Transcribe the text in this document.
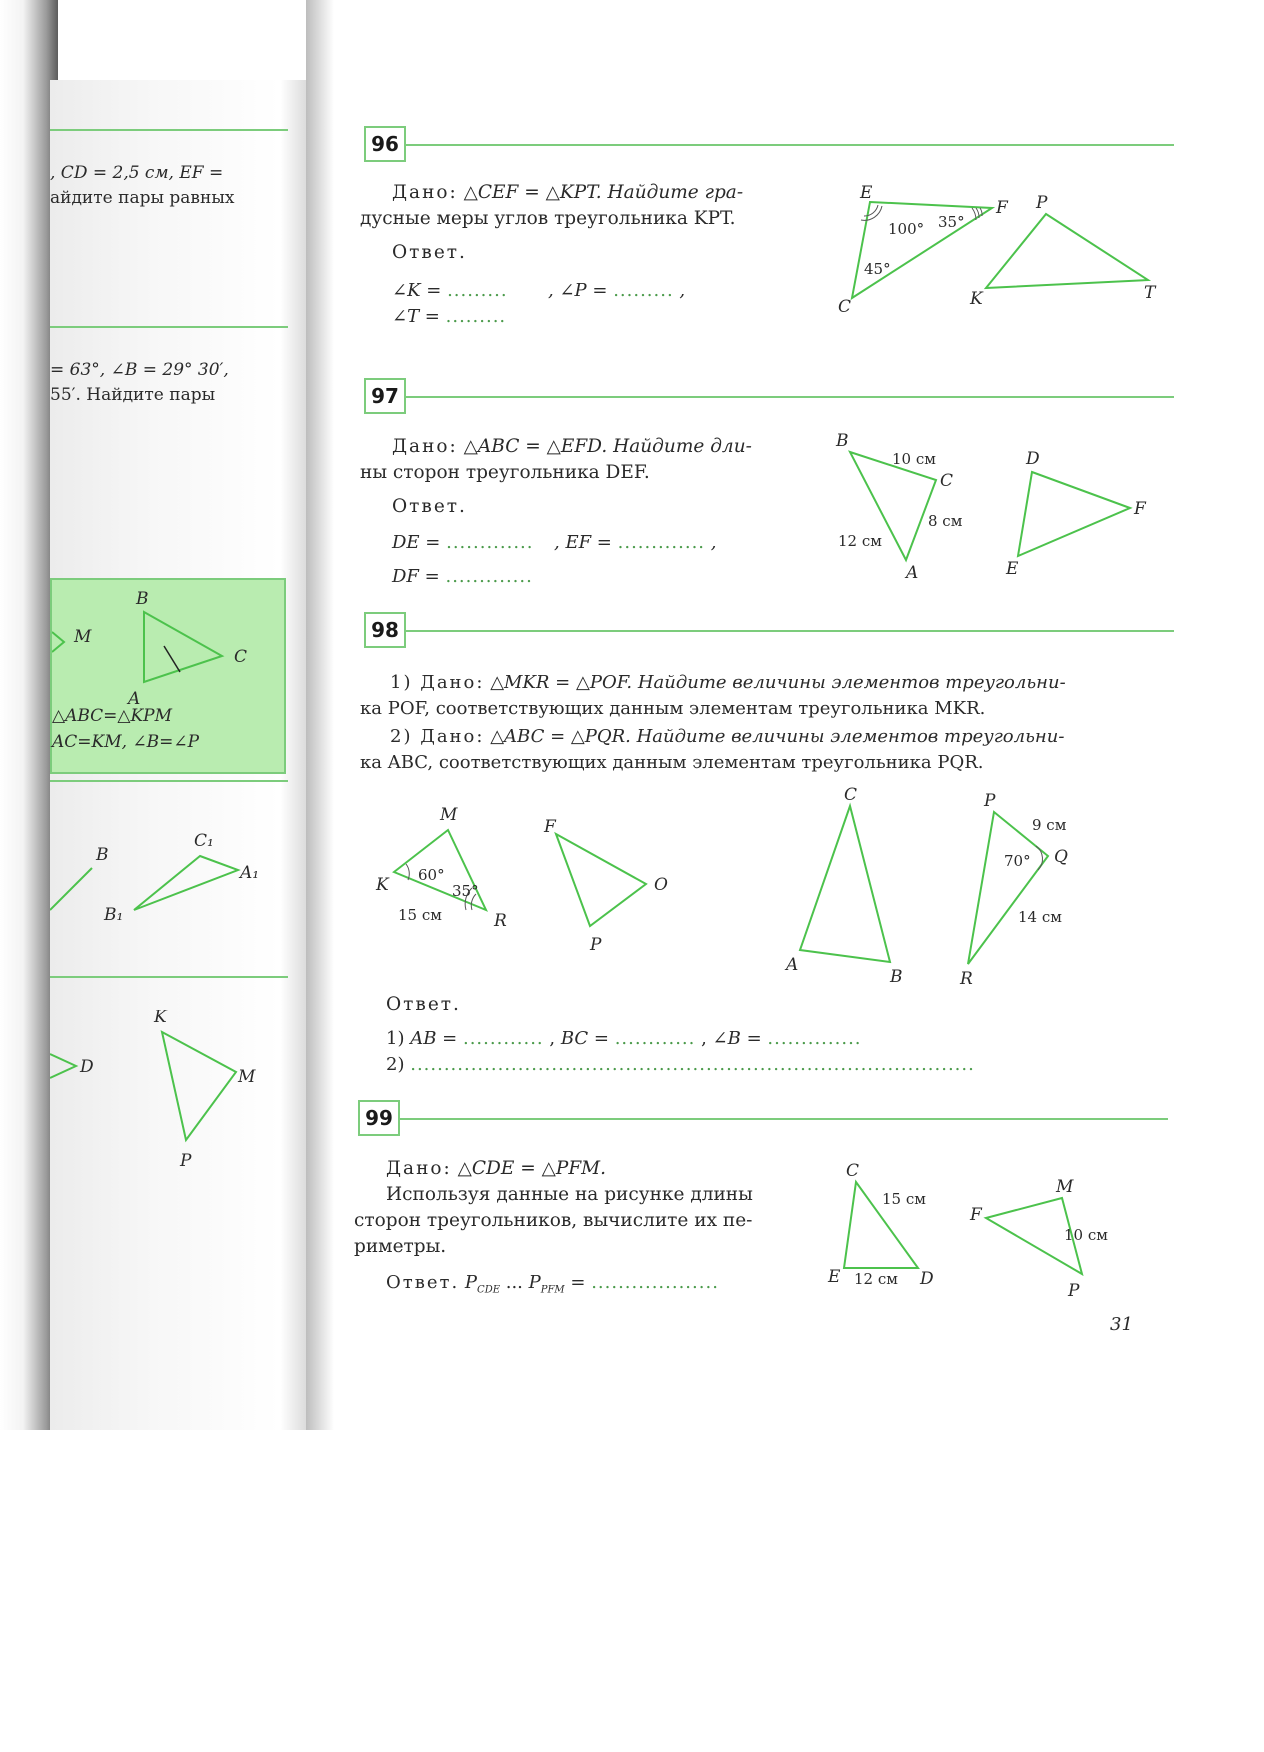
, CD = 2,5 см, EF =
айдите пары равных
= 63°, ∠B = 29° 30′,
55′. Найдите пары
B
M
C
A
△ABC=△KPM
AC=KM, ∠B=∠P
B
C₁
A₁
B₁
K
D	M
P
96
Дано: △CEF = △KPT. Найдите гра-
дусные меры углов треугольника KPT.
Ответ.
∠K = ......... , ∠P = ......... ,
∠T = .........
E
F
C
100° 35°
45°
P
K	T
97
Дано: △ABC = △EFD. Найдите дли-
ны сторон треугольника DEF.
Ответ.
DE = ............. , EF = ............. ,
DF = .............
B
C
A
10 см
8 см
12 см
D
F
E
98
1) Дано: △MKR = △POF. Найдите величины элементов треугольни-
ка POF, соответствующих данным элементам треугольника MKR.
2) Дано: △ABC = △PQR. Найдите величины элементов треугольни-
ка ABC, соответствующих данным элементам треугольника PQR.
M
K
R
60°
35°
15 см
F
O
P
C
A
B
P
Q
R
9 см
70°
14 см
Ответ.
1) AB = ............ , BC = ............ , ∠B = ..............
2) ....................................................................................
99
Дано: △CDE = △PFM.
Используя данные на рисунке длины
сторон треугольников, вычислите их пе-
риметры.
Ответ. $P_{CDE}$ ... $P_{PFM}$ = ...................
C
E	D
15 см
12 см
F
M
P
10 см
31
